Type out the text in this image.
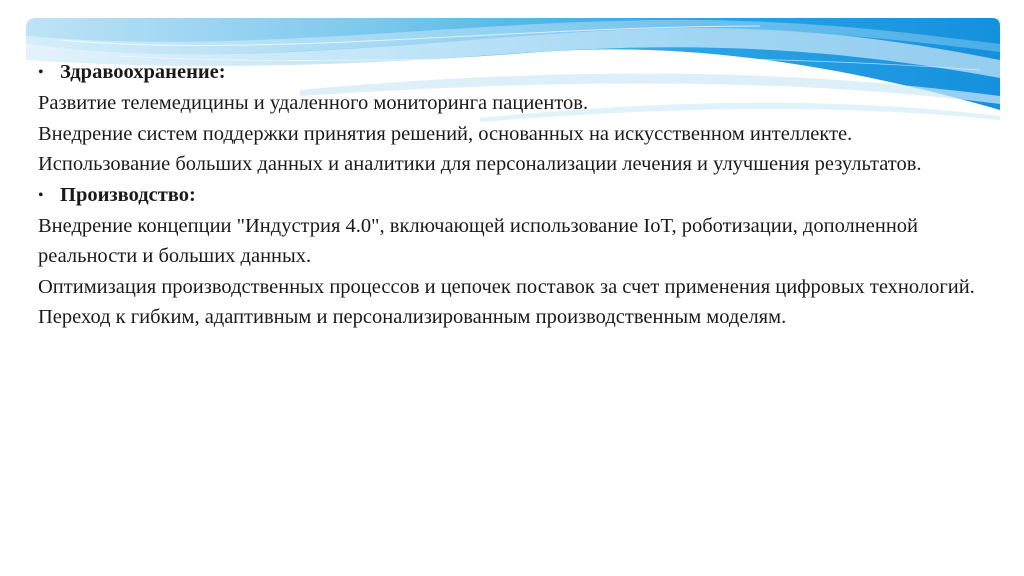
• Здравоохранение:

Развитие телемедицины и удаленного мониторинга пациентов.

Внедрение систем поддержки принятия решений, основанных на искусственном интеллекте.

Использование больших данных и аналитики для персонализации лечения и улучшения результатов.

• Производство:

Внедрение концепции "Индустрия 4.0", включающей использование IoT, роботизации, дополненной реальности и больших данных.

Оптимизация производственных процессов и цепочек поставок за счет применения цифровых технологий.

Переход к гибким, адаптивным и персонализированным производственным моделям.
